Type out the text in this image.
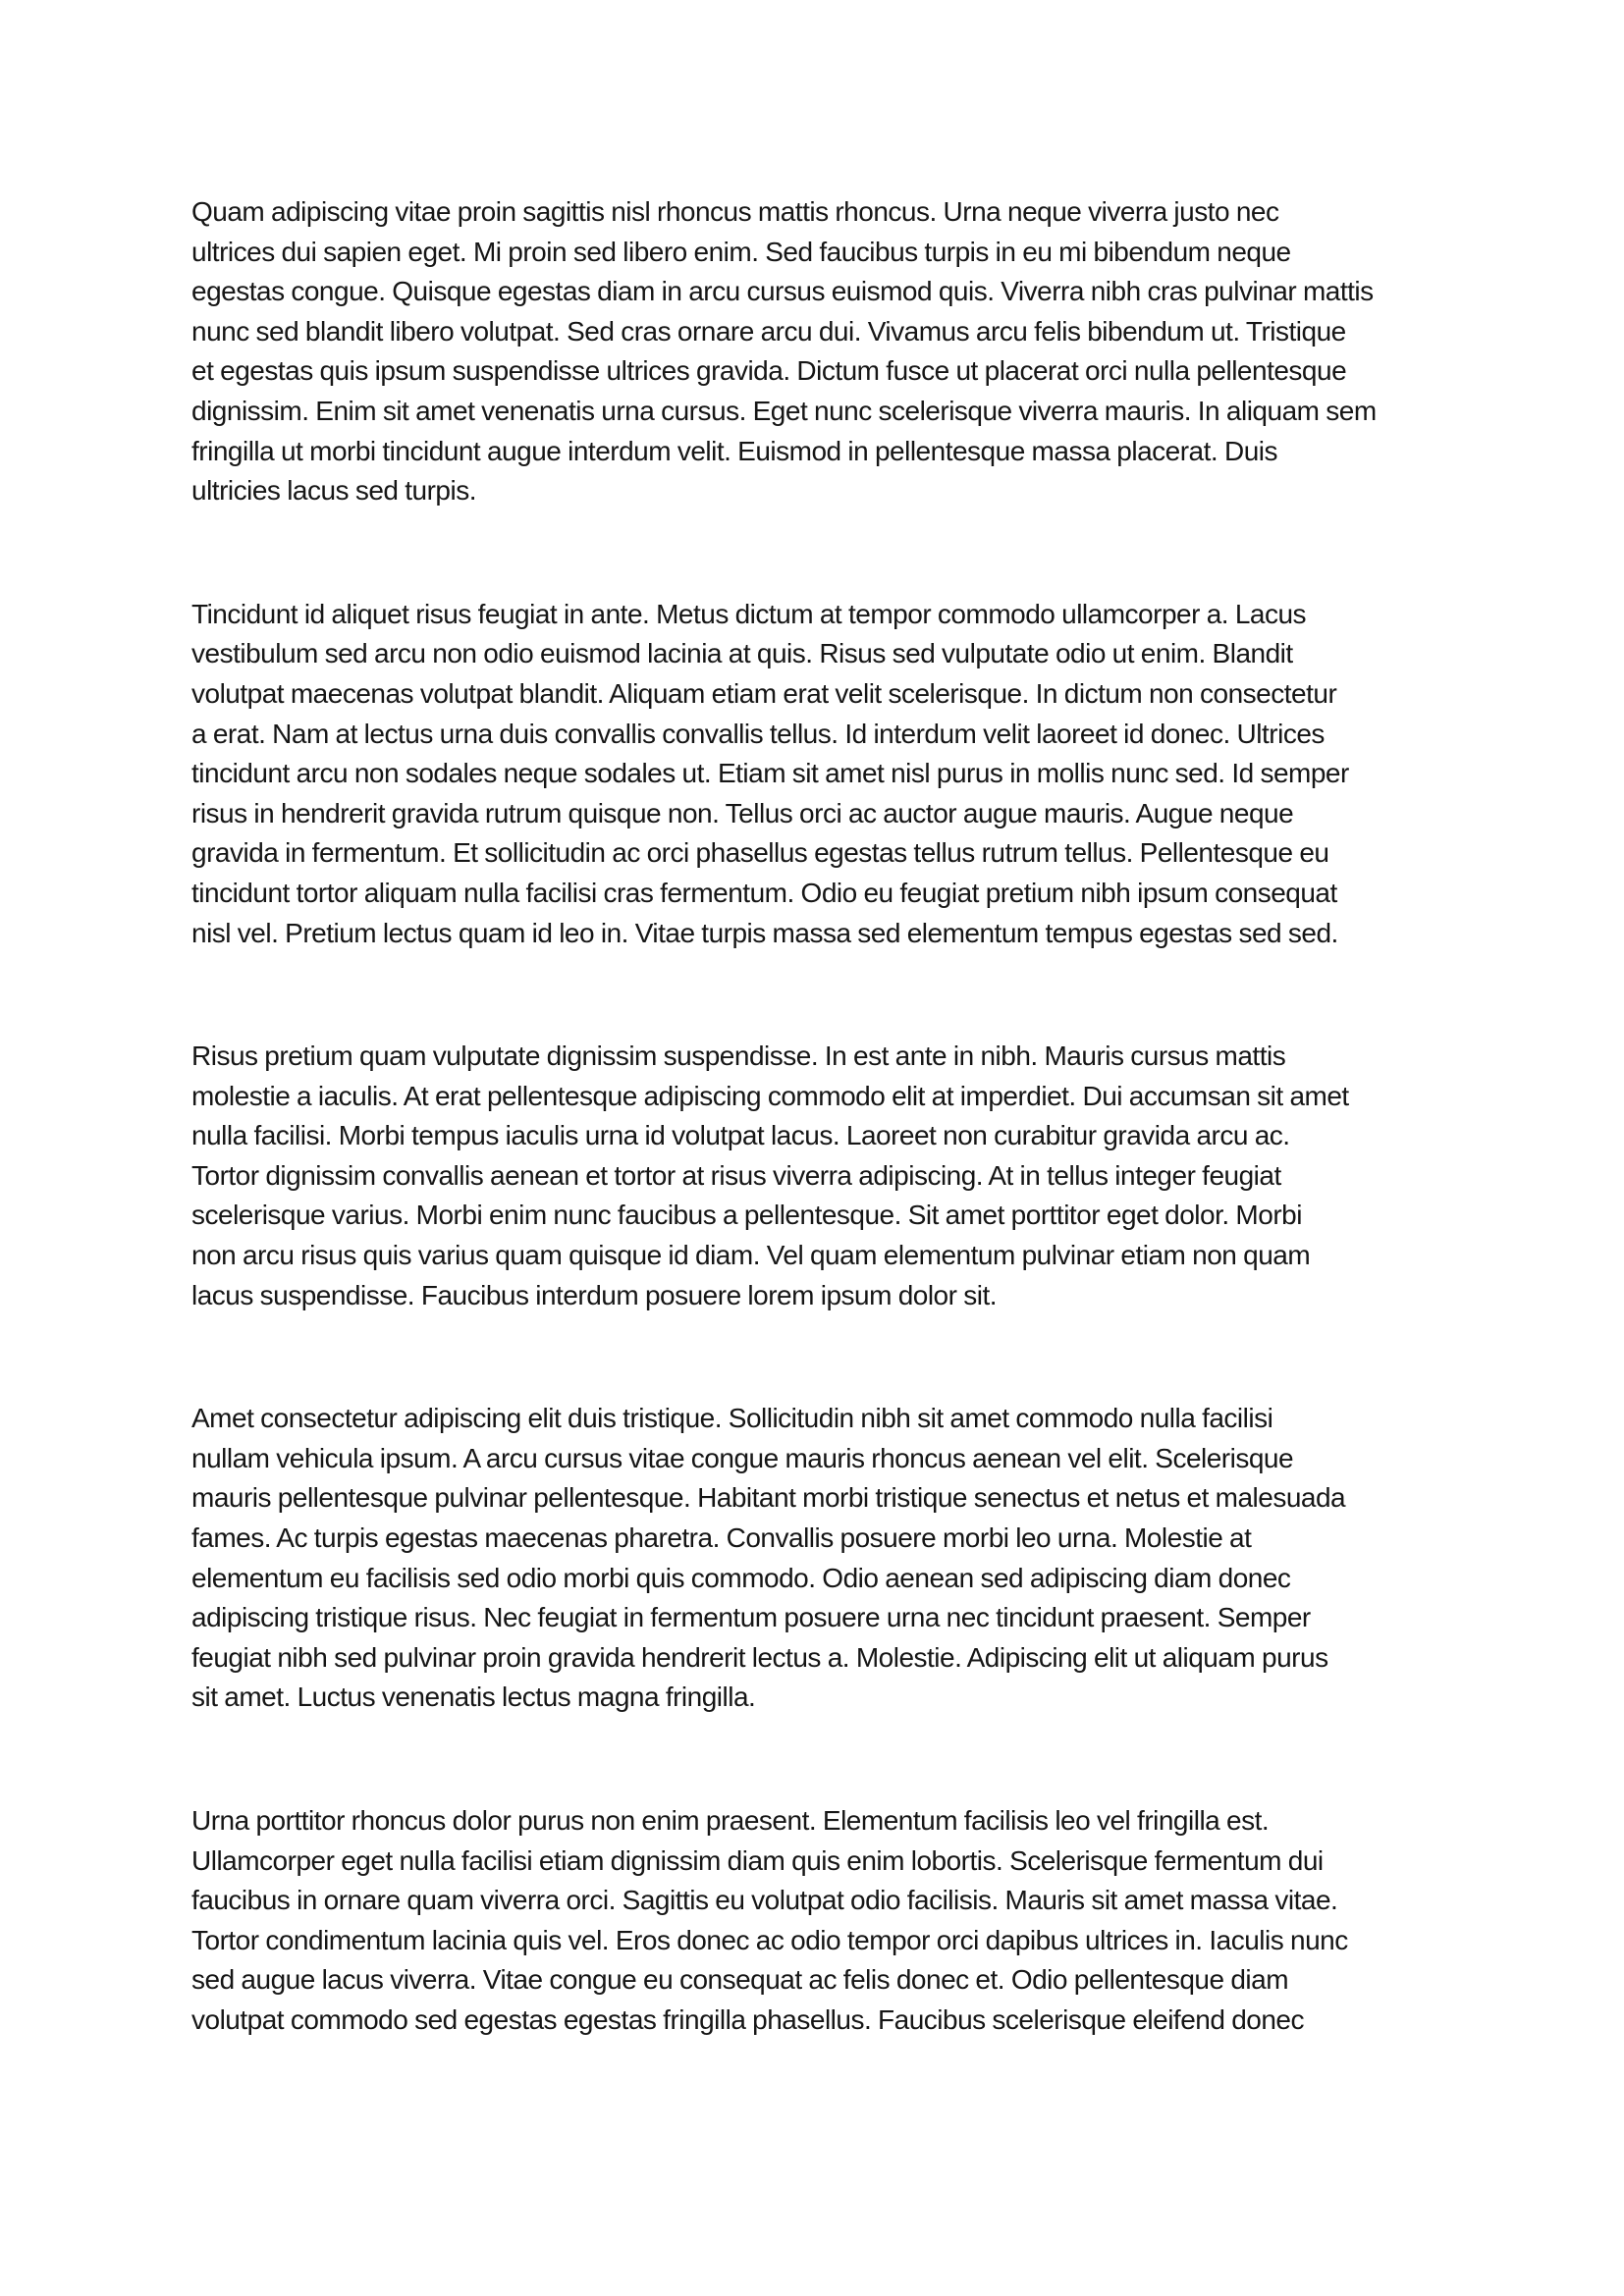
Quam adipiscing vitae proin sagittis nisl rhoncus mattis rhoncus. Urna neque viverra justo nec
ultrices dui sapien eget. Mi proin sed libero enim. Sed faucibus turpis in eu mi bibendum neque
egestas congue. Quisque egestas diam in arcu cursus euismod quis. Viverra nibh cras pulvinar mattis
nunc sed blandit libero volutpat. Sed cras ornare arcu dui. Vivamus arcu felis bibendum ut. Tristique
et egestas quis ipsum suspendisse ultrices gravida. Dictum fusce ut placerat orci nulla pellentesque
dignissim. Enim sit amet venenatis urna cursus. Eget nunc scelerisque viverra mauris. In aliquam sem
fringilla ut morbi tincidunt augue interdum velit. Euismod in pellentesque massa placerat. Duis
ultricies lacus sed turpis.

Tincidunt id aliquet risus feugiat in ante. Metus dictum at tempor commodo ullamcorper a. Lacus
vestibulum sed arcu non odio euismod lacinia at quis. Risus sed vulputate odio ut enim. Blandit
volutpat maecenas volutpat blandit. Aliquam etiam erat velit scelerisque. In dictum non consectetur
a erat. Nam at lectus urna duis convallis convallis tellus. Id interdum velit laoreet id donec. Ultrices
tincidunt arcu non sodales neque sodales ut. Etiam sit amet nisl purus in mollis nunc sed. Id semper
risus in hendrerit gravida rutrum quisque non. Tellus orci ac auctor augue mauris. Augue neque
gravida in fermentum. Et sollicitudin ac orci phasellus egestas tellus rutrum tellus. Pellentesque eu
tincidunt tortor aliquam nulla facilisi cras fermentum. Odio eu feugiat pretium nibh ipsum consequat
nisl vel. Pretium lectus quam id leo in. Vitae turpis massa sed elementum tempus egestas sed sed.

Risus pretium quam vulputate dignissim suspendisse. In est ante in nibh. Mauris cursus mattis
molestie a iaculis. At erat pellentesque adipiscing commodo elit at imperdiet. Dui accumsan sit amet
nulla facilisi. Morbi tempus iaculis urna id volutpat lacus. Laoreet non curabitur gravida arcu ac.
Tortor dignissim convallis aenean et tortor at risus viverra adipiscing. At in tellus integer feugiat
scelerisque varius. Morbi enim nunc faucibus a pellentesque. Sit amet porttitor eget dolor. Morbi
non arcu risus quis varius quam quisque id diam. Vel quam elementum pulvinar etiam non quam
lacus suspendisse. Faucibus interdum posuere lorem ipsum dolor sit.

Amet consectetur adipiscing elit duis tristique. Sollicitudin nibh sit amet commodo nulla facilisi
nullam vehicula ipsum. A arcu cursus vitae congue mauris rhoncus aenean vel elit. Scelerisque
mauris pellentesque pulvinar pellentesque. Habitant morbi tristique senectus et netus et malesuada
fames. Ac turpis egestas maecenas pharetra. Convallis posuere morbi leo urna. Molestie at
elementum eu facilisis sed odio morbi quis commodo. Odio aenean sed adipiscing diam donec
adipiscing tristique risus. Nec feugiat in fermentum posuere urna nec tincidunt praesent. Semper
feugiat nibh sed pulvinar proin gravida hendrerit lectus a. Molestie. Adipiscing elit ut aliquam purus
sit amet. Luctus venenatis lectus magna fringilla.

Urna porttitor rhoncus dolor purus non enim praesent. Elementum facilisis leo vel fringilla est.
Ullamcorper eget nulla facilisi etiam dignissim diam quis enim lobortis. Scelerisque fermentum dui
faucibus in ornare quam viverra orci. Sagittis eu volutpat odio facilisis. Mauris sit amet massa vitae.
Tortor condimentum lacinia quis vel. Eros donec ac odio tempor orci dapibus ultrices in. Iaculis nunc
sed augue lacus viverra. Vitae congue eu consequat ac felis donec et. Odio pellentesque diam
volutpat commodo sed egestas egestas fringilla phasellus. Faucibus scelerisque eleifend donec
